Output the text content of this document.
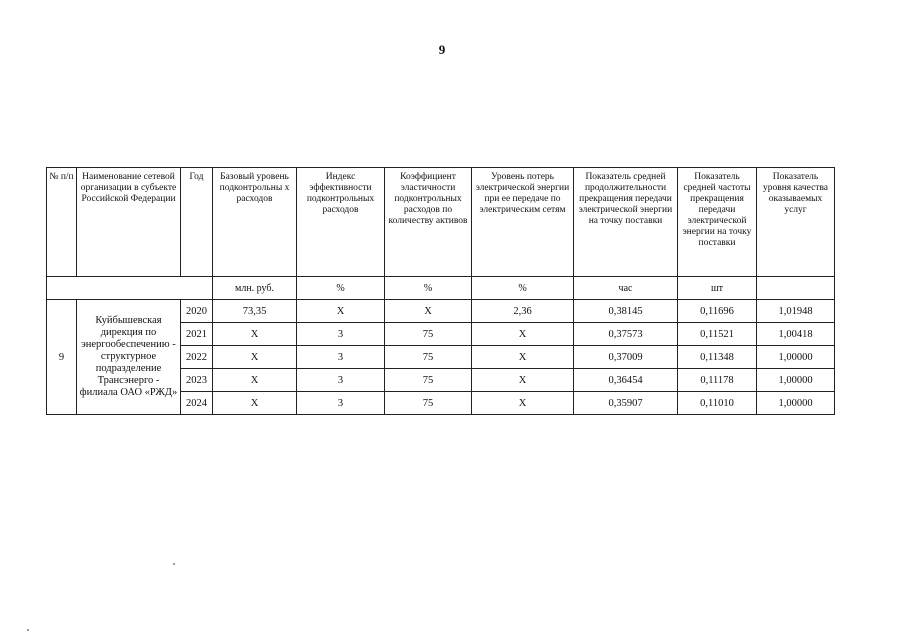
9
№ п/п	Наименование сетевой организации в субъекте Российской Федерации	Год	Базовый уровень подконтрольны х расходов	Индекс эффективности подконтрольных расходов	Коэффициент эластичности подконтрольных расходов по количеству активов	Уровень потерь электрической энергии при ее передаче по электрическим сетям	Показатель средней продолжительности прекращения передачи электрической энергии на точку поставки	Показатель средней частоты прекращения передачи электрической энергии на точку поставки	Показатель уровня качества оказываемых услуг
			млн. руб.	%	%	%	час	шт	
9	Куйбышевская дирекция по энергообеспечению - структурное подразделение Трансэнерго - филиала ОАО «РЖД»	2020	73,35	Х	Х	2,36	0,38145	0,11696	1,01948
		2021	Х	3	75	Х	0,37573	0,11521	1,00418
		2022	Х	3	75	Х	0,37009	0,11348	1,00000
		2023	Х	3	75	Х	0,36454	0,11178	1,00000
		2024	Х	3	75	Х	0,35907	0,11010	1,00000
